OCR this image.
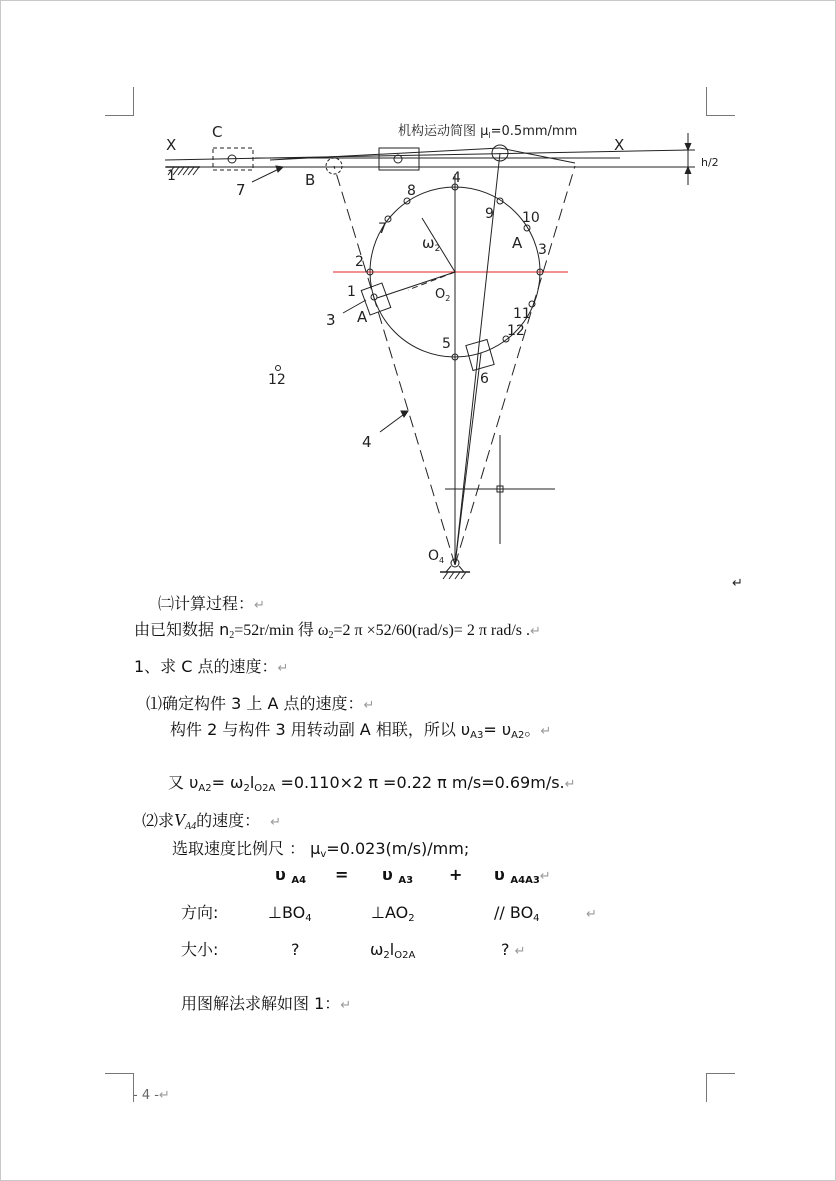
机构运动简图 $\mu_l=0.5mm/mm$
h/2
X	X
C
1
7
B
$\omega_2$
$O_2$
$O_4$
A
A
3
4
1
2
3
4
5
6
7
8
9 10
11
12
12
↵
㈡计算过程：↵
由已知数据 $n_2=52r/\min$ 得 $\omega_2=2$ π ×52/60(rad/s)= 2 π rad/s .↵
1、求 C 点的速度：↵
⑴确定构件 3 上 A 点的速度：↵
构件 2 与构件 3 用转动副 A 相联，所以 $\upsilon_{A3}= \upsilon_{A2}$。↵
又 $\upsilon_{A2}= \omega_2l_{O2A} =0.110\times 2$ π =0.22 π m/s=0.69m/s.↵
⑵求$V_{A4}$的速度： ↵
选取速度比例尺 ： $\mu_v=0.023(m/s)/mm$;
υ $_{A4}$ = υ $_{A3}$ + υ $_{A4A3}$↵
方向:	$\perp BO_4$	$\perp AO_2$	// $BO_4$	↵
大小:	?	$\omega_2l_{O2A}$	? ↵
用图解法求解如图 1：↵
- 4 -↵
